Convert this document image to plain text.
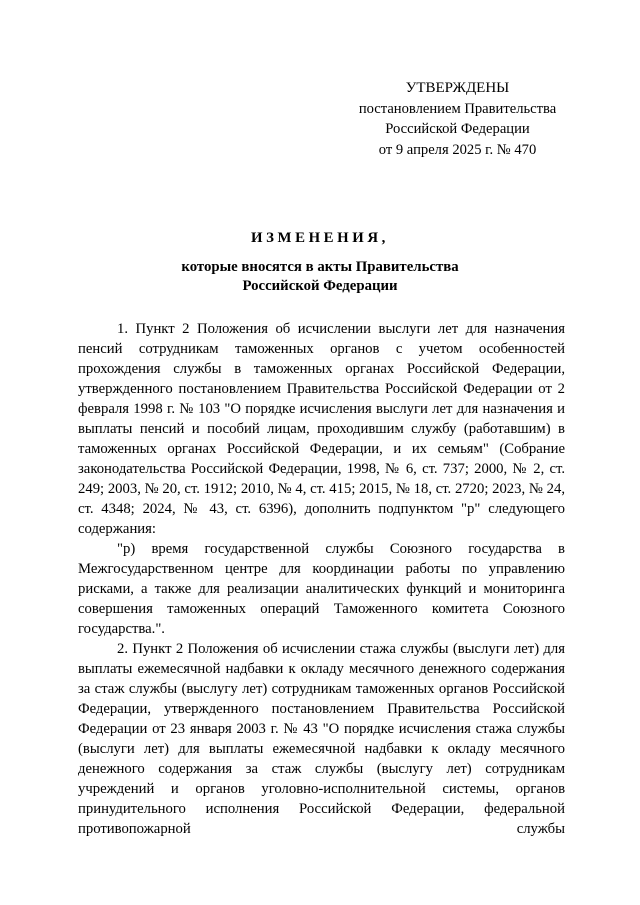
УТВЕРЖДЕНЫ
постановлением Правительства
Российской Федерации
от 9 апреля 2025 г. № 470
ИЗМЕНЕНИЯ,
которые вносятся в акты Правительства
Российской Федерации

1. Пункт 2 Положения об исчислении выслуги лет для назначения пенсий сотрудникам таможенных органов с учетом особенностей прохождения службы в таможенных органах Российской Федерации, утвержденного постановлением Правительства Российской Федерации от 2 февраля 1998 г. № 103 "О порядке исчисления выслуги лет для назначения и выплаты пенсий и пособий лицам, проходившим службу (работавшим) в таможенных органах Российской Федерации, и их семьям" (Собрание законодательства Российской Федерации, 1998, № 6, ст. 737; 2000, № 2, ст. 249; 2003, № 20, ст. 1912; 2010, № 4, ст. 415; 2015, № 18, ст. 2720; 2023, № 24, ст. 4348; 2024, № 43, ст. 6396), дополнить подпунктом "р" следующего содержания:

"р) время государственной службы Союзного государства в Межгосударственном центре для координации работы по управлению рисками, а также для реализации аналитических функций и мониторинга совершения таможенных операций Таможенного комитета Союзного государства.".

2. Пункт 2 Положения об исчислении стажа службы (выслуги лет) для выплаты ежемесячной надбавки к окладу месячного денежного содержания за стаж службы (выслугу лет) сотрудникам таможенных органов Российской Федерации, утвержденного постановлением Правительства Российской Федерации от 23 января 2003 г. № 43 "О порядке исчисления стажа службы (выслуги лет) для выплаты ежемесячной надбавки к окладу месячного денежного содержания за стаж службы (выслугу лет) сотрудникам учреждений и органов уголовно-исполнительной системы, органов принудительного исполнения Российской Федерации, федеральной противопожарной службы
